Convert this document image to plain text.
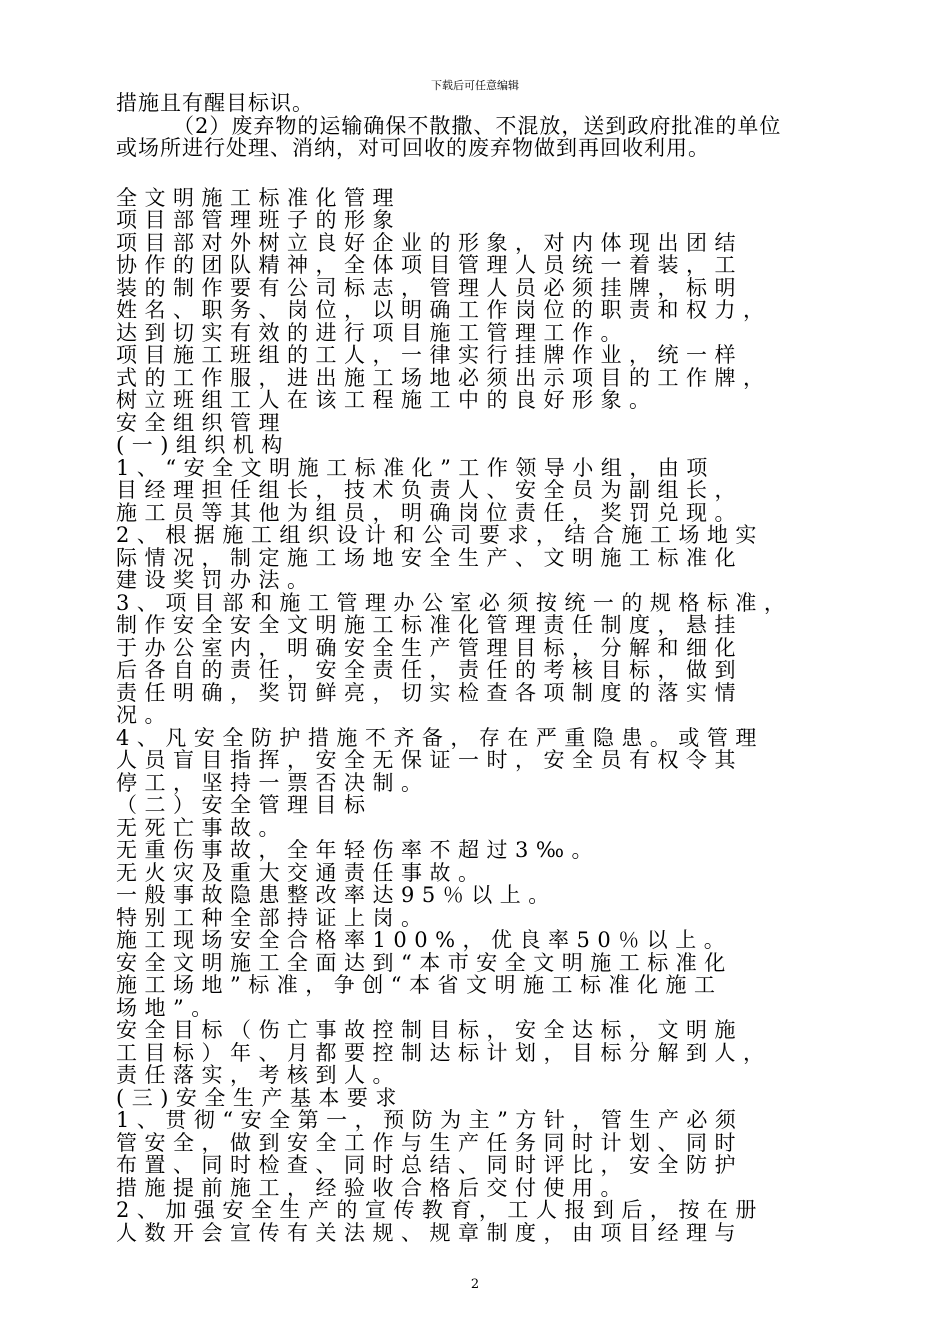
下载后可任意编辑
措施且有醒目标识。
（2）废弃物的运输确保不散撒、不混放，送到政府批准的单位
或场所进行处理、消纳，对可回收的废弃物做到再回收利用。
全文明施工标准化管理
项目部管理班子的形象
项目部对外树立良好企业的形象，对内体现出团结
协作的团队精神，全体项目管理人员统一着装，工
装的制作要有公司标志，管理人员必须挂牌，标明
姓名、职务、岗位，以明确工作岗位的职责和权力，
达到切实有效的进行项目施工管理工作。
项目施工班组的工人，一律实行挂牌作业，统一样
式的工作服，进出施工场地必须出示项目的工作牌，
树立班组工人在该工程施工中的良好形象。
安全组织管理
(一)组织机构
1、“安全文明施工标准化”工作领导小组，由项
目经理担任组长，技术负责人、安全员为副组长，
施工员等其他为组员，明确岗位责任，奖罚兑现。
2、根据施工组织设计和公司要求，结合施工场地实
际情况，制定施工场地安全生产、文明施工标准化
建设奖罚办法。
3、项目部和施工管理办公室必须按统一的规格标准，
制作安全安全文明施工标准化管理责任制度，悬挂
于办公室内，明确安全生产管理目标，分解和细化
后各自的责任，安全责任，责任的考核目标，做到
责任明确，奖罚鲜亮，切实检查各项制度的落实情
况。
4、凡安全防护措施不齐备，存在严重隐患。或管理
人员盲目指挥，安全无保证一时，安全员有权令其
停工，坚持一票否决制。
（二）安全管理目标
无死亡事故。
无重伤事故，全年轻伤率不超过3‰。
无火灾及重大交通责任事故。
一般事故隐患整改率达95％以上。
特别工种全部持证上岗。
施工现场安全合格率100%，优良率50％以上。
安全文明施工全面达到“本市安全文明施工标准化
施工场地”标准，争创“本省文明施工标准化施工
场地”。
安全目标（伤亡事故控制目标，安全达标，文明施
工目标）年、月都要控制达标计划，目标分解到人，
责任落实，考核到人。
(三)安全生产基本要求
1、贯彻“安全第一，预防为主”方针，管生产必须
管安全，做到安全工作与生产任务同时计划、同时
布置、同时检查、同时总结、同时评比，安全防护
措施提前施工，经验收合格后交付使用。
2、加强安全生产的宣传教育，工人报到后，按在册
人数开会宣传有关法规、规章制度，由项目经理与
2
